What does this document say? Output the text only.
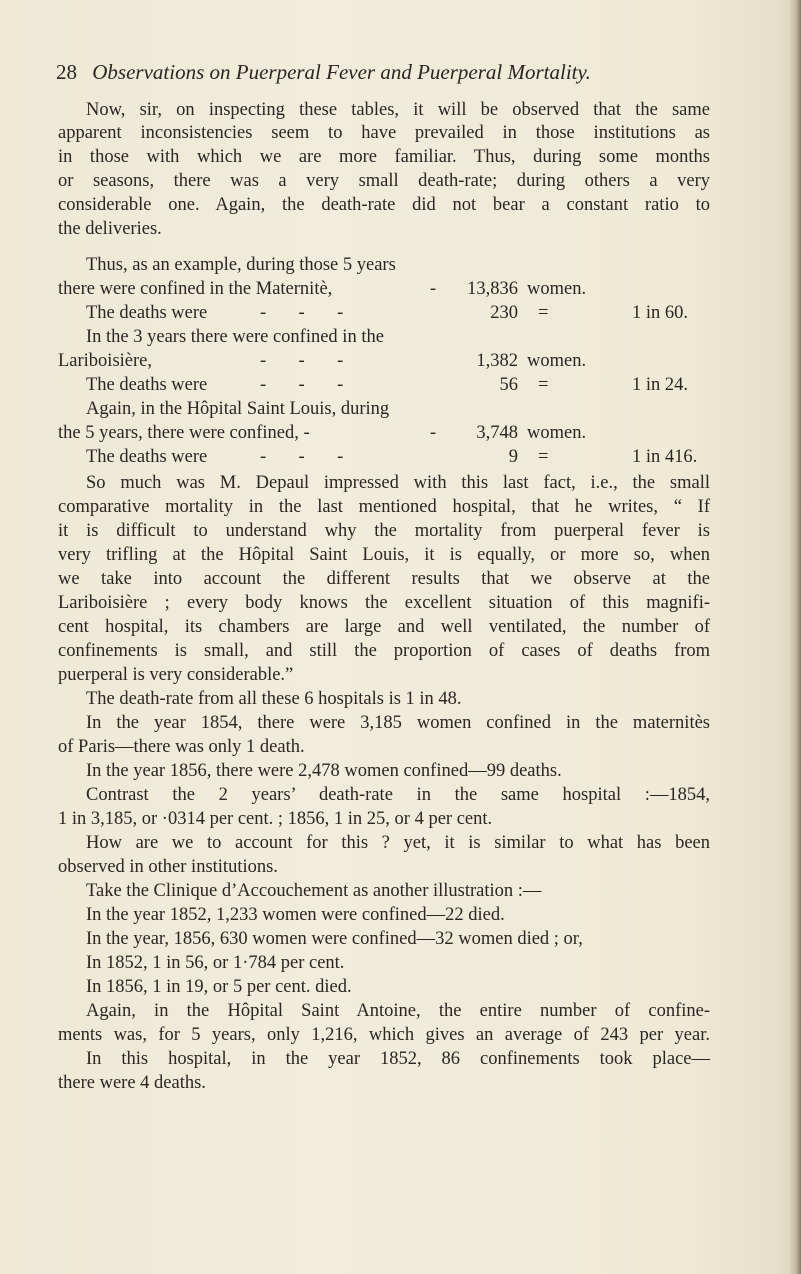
28 Observations on Puerperal Fever and Puerperal Mortality.
Now, sir, on inspecting these tables, it will be observed that the same
apparent inconsistencies seem to have prevailed in those institutions as
in those with which we are more familiar. Thus, during some months
or seasons, there was a very small death-rate; during others a very
considerable one. Again, the death-rate did not bear a constant ratio to
the deliveries.
Thus, as an example, during those 5 years
there were confined in the Maternitè,	-	13,836 women.
The deaths were	-       -       -	230 =	1 in 60.
In the 3 years there were confined in the
Lariboisière,	-       -       -	1,382 women.
The deaths were	-       -       -	56 =	1 in 24.
Again, in the Hôpital Saint Louis, during
the 5 years, there were confined, -	-	3,748 women.
The deaths were	-       -       -	9 =	1 in 416.
So much was M. Depaul impressed with this last fact, i.e., the small
comparative mortality in the last mentioned hospital, that he writes, “ If
it is difficult to understand why the mortality from puerperal fever is
very trifling at the Hôpital Saint Louis, it is equally, or more so, when
we take into account the different results that we observe at the
Lariboisière ; every body knows the excellent situation of this magnifi-
cent hospital, its chambers are large and well ventilated, the number of
confinements is small, and still the proportion of cases of deaths from
puerperal is very considerable.”
The death-rate from all these 6 hospitals is 1 in 48.
In the year 1854, there were 3,185 women confined in the maternitès
of Paris—there was only 1 death.
In the year 1856, there were 2,478 women confined—99 deaths.
Contrast the 2 years’ death-rate in the same hospital :—1854,
1 in 3,185, or ·0314 per cent. ; 1856, 1 in 25, or 4 per cent.
How are we to account for this ? yet, it is similar to what has been
observed in other institutions.
Take the Clinique d’Accouchement as another illustration :—
In the year 1852, 1,233 women were confined—22 died.
In the year, 1856, 630 women were confined—32 women died ; or,
In 1852, 1 in 56, or 1·784 per cent.
In 1856, 1 in 19, or 5 per cent. died.
Again, in the Hôpital Saint Antoine, the entire number of confine-
ments was, for 5 years, only 1,216, which gives an average of 243 per year.
In this hospital, in the year 1852, 86 confinements took place—
there were 4 deaths.
